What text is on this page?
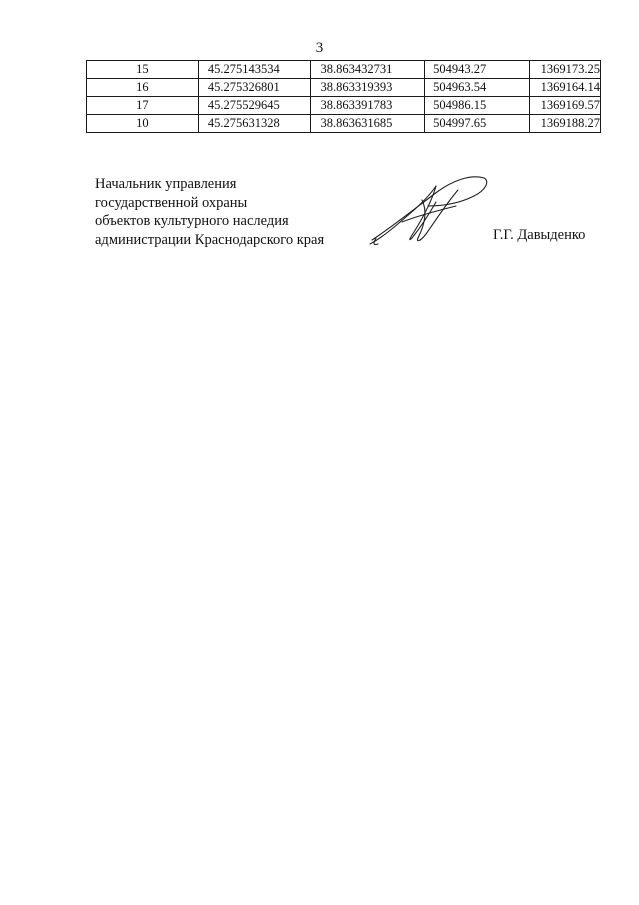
3
15	45.275143534	38.863432731	504943.27	1369173.25
16	45.275326801	38.863319393	504963.54	1369164.14
17	45.275529645	38.863391783	504986.15	1369169.57
10	45.275631328	38.863631685	504997.65	1369188.27
Начальник управления
государственной охраны
объектов культурного наследия
администрации Краснодарского края	Г.Г. Давыденко
